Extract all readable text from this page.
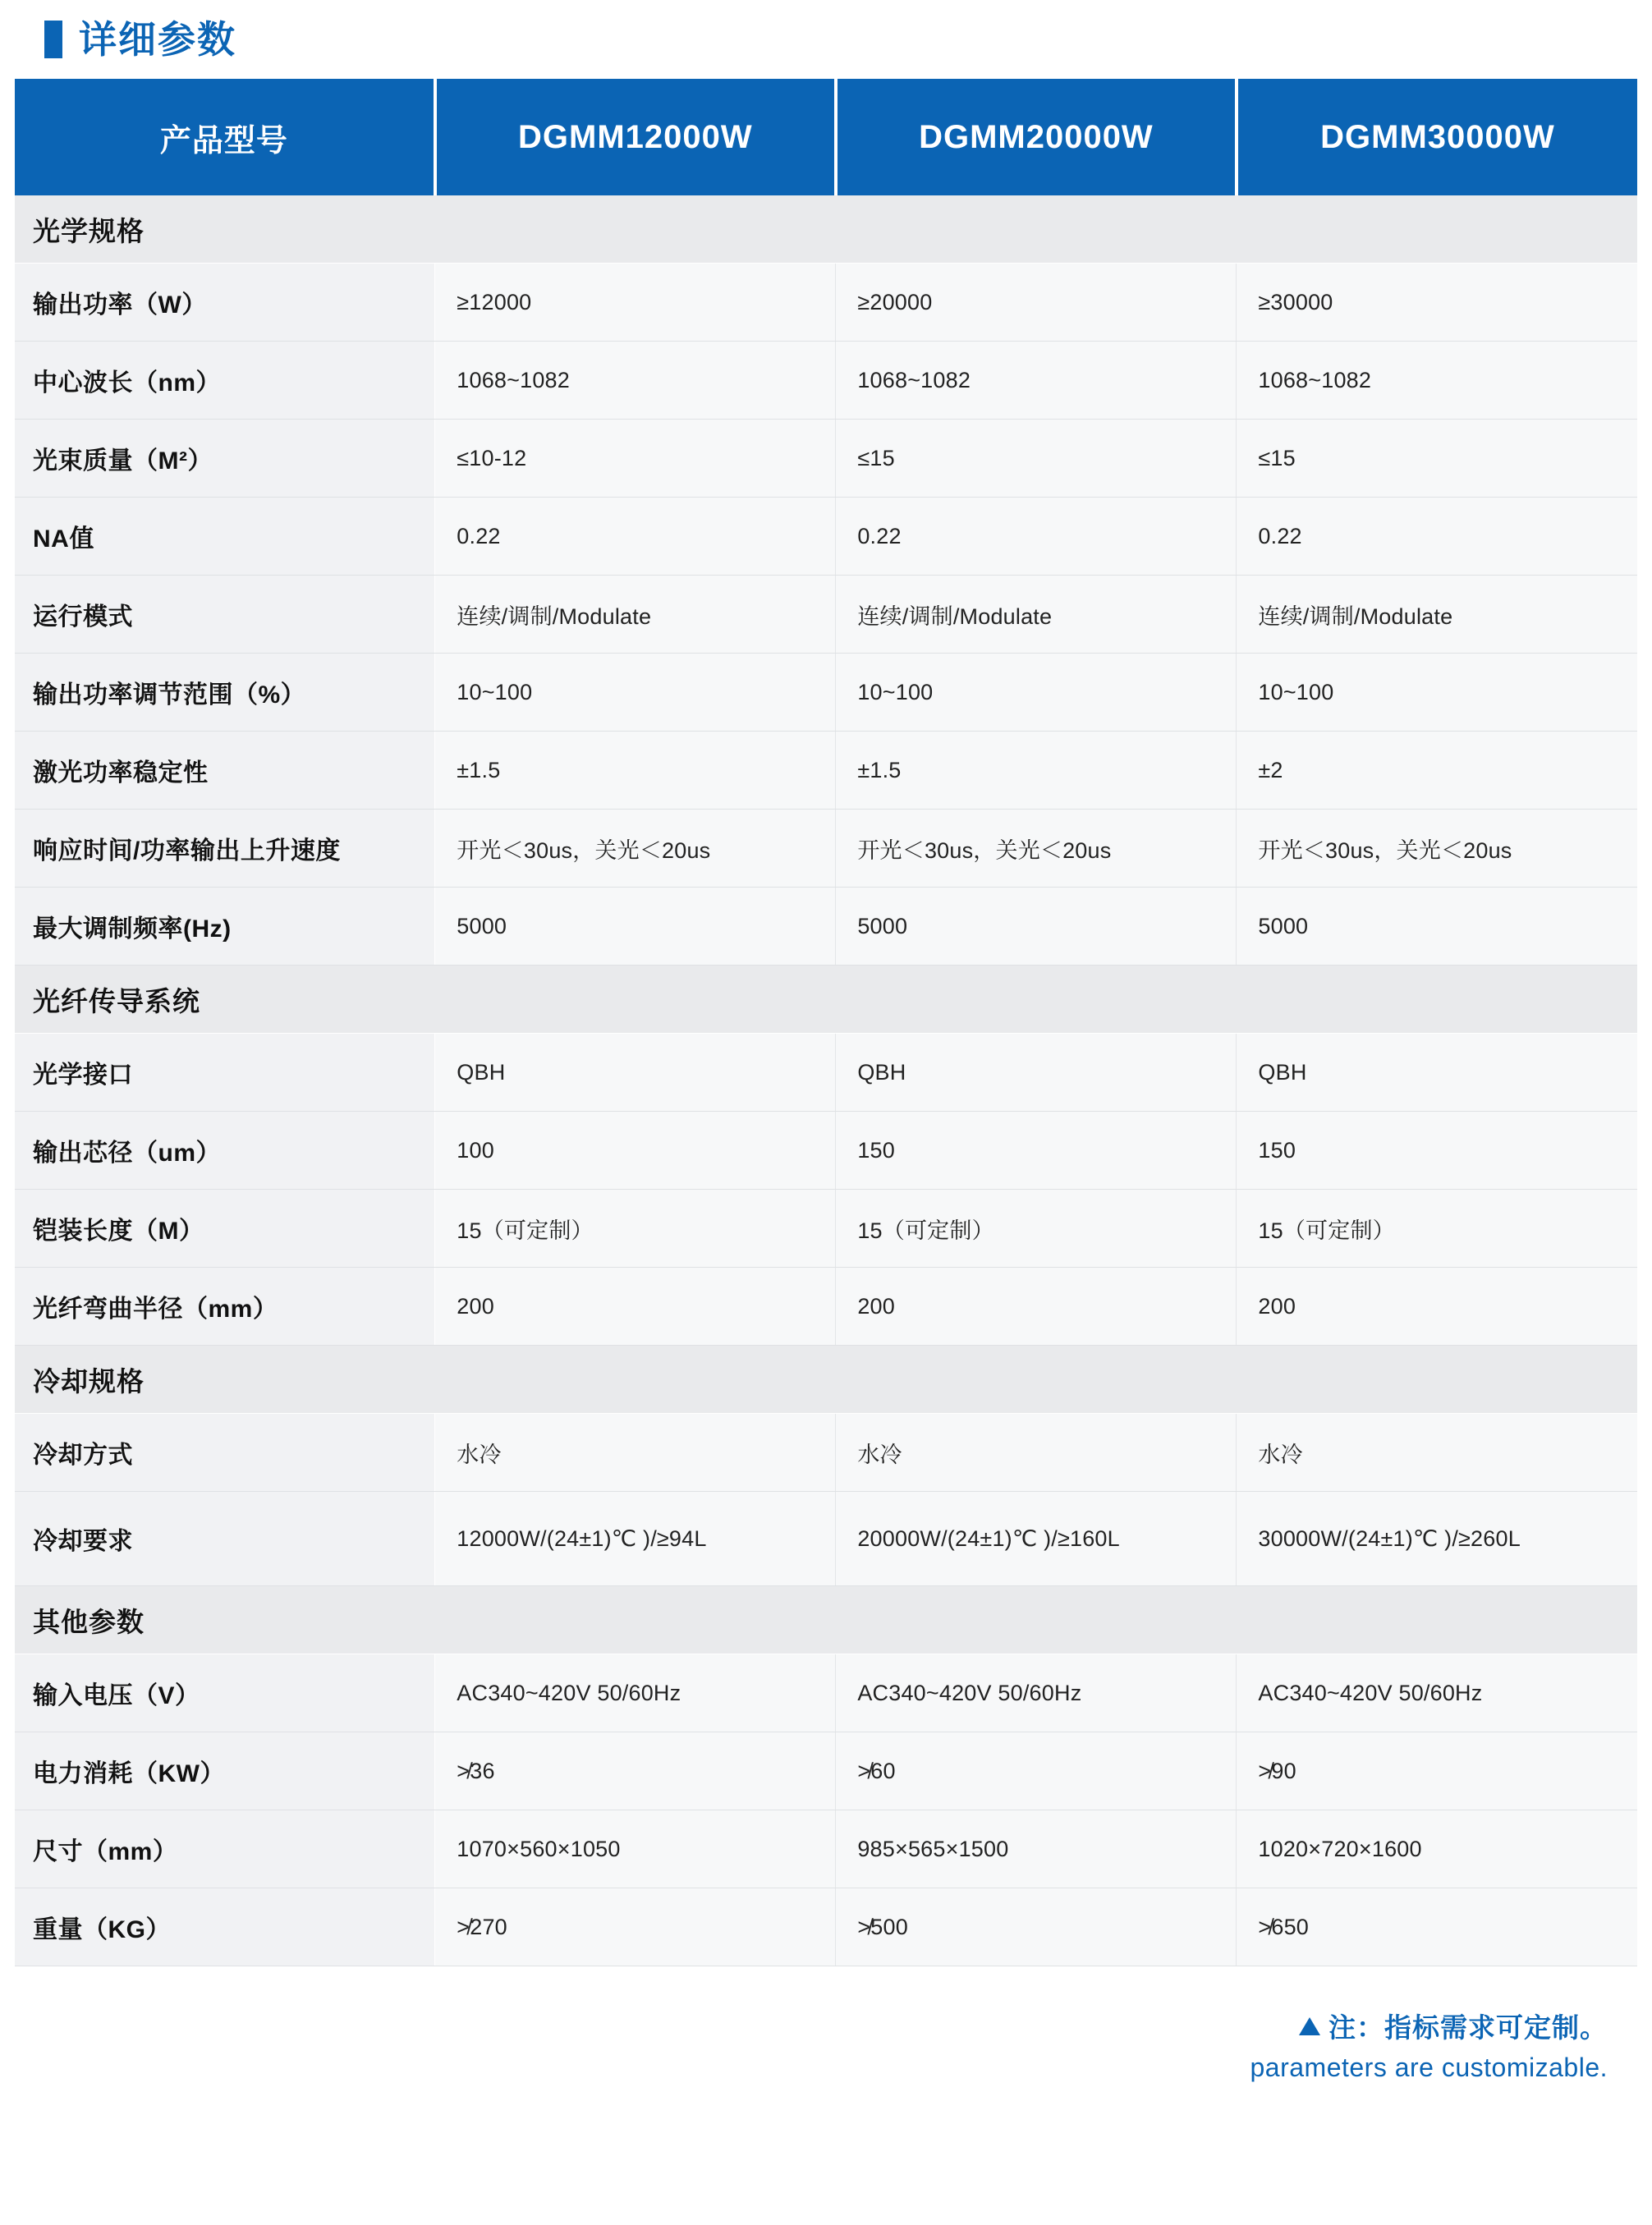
详细参数
产品型号	DGMM12000W	DGMM20000W	DGMM30000W
光学规格			
输出功率（W）	≥12000	≥20000	≥30000
中心波长（nm）	1068~1082	1068~1082	1068~1082
光束质量（M²）	≤10-12	≤15	≤15
NA值	0.22	0.22	0.22
运行模式	连续/调制/Modulate	连续/调制/Modulate	连续/调制/Modulate
输出功率调节范围（%）	10~100	10~100	10~100
激光功率稳定性	±1.5	±1.5	±2
响应时间/功率输出上升速度	开光＜30us，关光＜20us	开光＜30us，关光＜20us	开光＜30us，关光＜20us
最大调制频率(Hz)	5000	5000	5000
光纤传导系统			
光学接口	QBH	QBH	QBH
输出芯径（um）	100	150	150
铠装长度（M）	15（可定制）	15（可定制）	15（可定制）
光纤弯曲半径（mm）	200	200	200
冷却规格			
冷却方式	水冷	水冷	水冷
冷却要求	12000W/(24±1)℃ )/≥94L	20000W/(24±1)℃ )/≥160L	30000W/(24±1)℃ )/≥260L
其他参数			
输入电压（V）	AC340~420V 50/60Hz	AC340~420V 50/60Hz	AC340~420V 50/60Hz
电力消耗（KW）	≯36	≯60	≯90
尺寸（mm）	1070×560×1050	985×565×1500	1020×720×1600
重量（KG）	≯270	≯500	≯650
注：指标需求可定制。
parameters are customizable.
